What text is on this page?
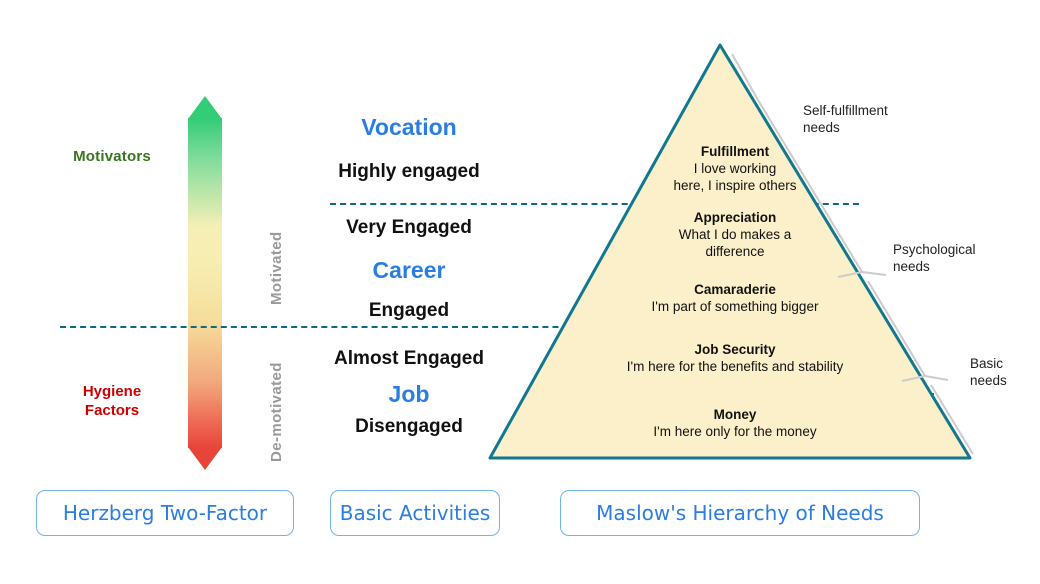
Motivators
Hygiene
Factors
Motivated
De-motivated
Vocation
Highly engaged
Very Engaged
Career
Engaged
Almost Engaged
Job
Disengaged
Fulfillment
I love working
here, I inspire others
Appreciation
What I do makes a
difference
Camaraderie
I'm part of something bigger
Job Security
I'm here for the benefits and stability
Money
I'm here only for the money
Self-fulfillment
needs
Psychological
needs
Basic
needs
Herzberg Two-Factor	Basic Activities	Maslow's Hierarchy of Needs
